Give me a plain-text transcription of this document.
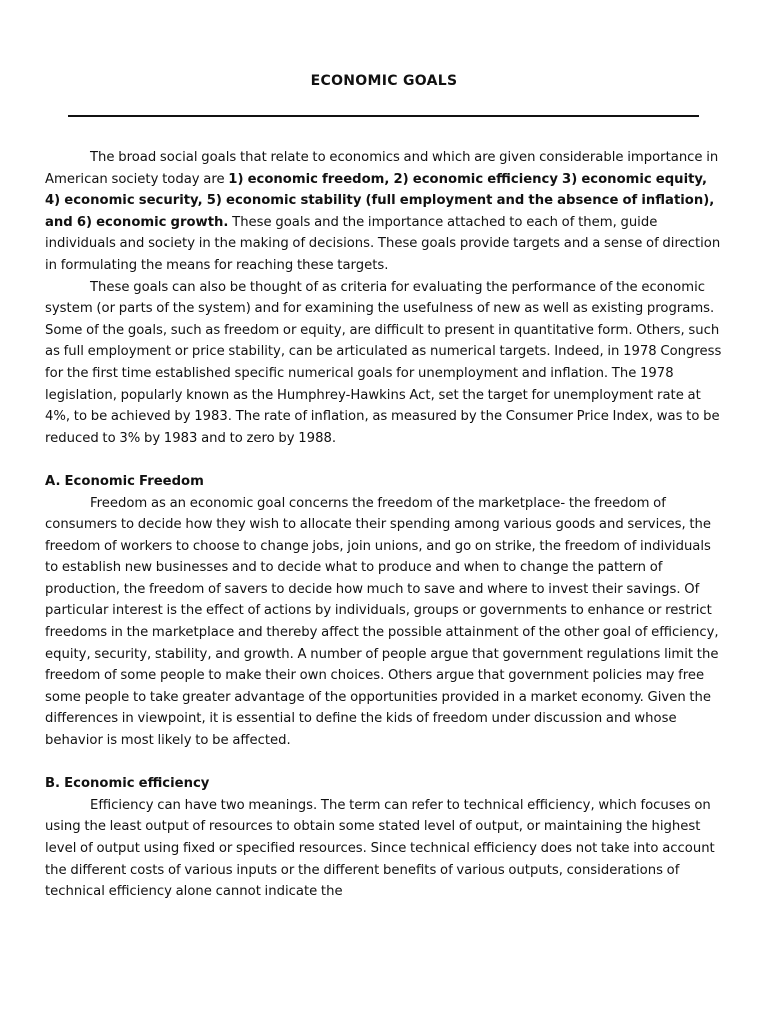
ECONOMIC GOALS

The broad social goals that relate to economics and which are given considerable importance in American society today are 1) economic freedom, 2) economic efficiency 3) economic equity, 4) economic security, 5) economic stability (full employment and the absence of inflation), and 6) economic growth. These goals and the importance attached to each of them, guide individuals and society in the making of decisions. These goals provide targets and a sense of direction in formulating the means for reaching these targets.

These goals can also be thought of as criteria for evaluating the performance of the economic system (or parts of the system) and for examining the usefulness of new as well as existing programs. Some of the goals, such as freedom or equity, are difficult to present in quantitative form. Others, such as full employment or price stability, can be articulated as numerical targets. Indeed, in 1978 Congress for the first time established specific numerical goals for unemployment and inflation. The 1978 legislation, popularly known as the Humphrey-Hawkins Act, set the target for unemployment rate at 4%, to be achieved by 1983. The rate of inflation, as measured by the Consumer Price Index, was to be reduced to 3% by 1983 and to zero by 1988.

A. Economic Freedom

Freedom as an economic goal concerns the freedom of the marketplace- the freedom of consumers to decide how they wish to allocate their spending among various goods and services, the freedom of workers to choose to change jobs, join unions, and go on strike, the freedom of individuals to establish new businesses and to decide what to produce and when to change the pattern of production, the freedom of savers to decide how much to save and where to invest their savings. Of particular interest is the effect of actions by individuals, groups or governments to enhance or restrict freedoms in the marketplace and thereby affect the possible attainment of the other goal of efficiency, equity, security, stability, and growth. A number of people argue that government regulations limit the freedom of some people to make their own choices. Others argue that government policies may free some people to take greater advantage of the opportunities provided in a market economy. Given the differences in viewpoint, it is essential to define the kids of freedom under discussion and whose behavior is most likely to be affected.

B. Economic efficiency

Efficiency can have two meanings. The term can refer to technical efficiency, which focuses on using the least output of resources to obtain some stated level of output, or maintaining the highest level of output using fixed or specified resources. Since technical efficiency does not take into account the different costs of various inputs or the different benefits of various outputs, considerations of technical efficiency alone cannot indicate the
